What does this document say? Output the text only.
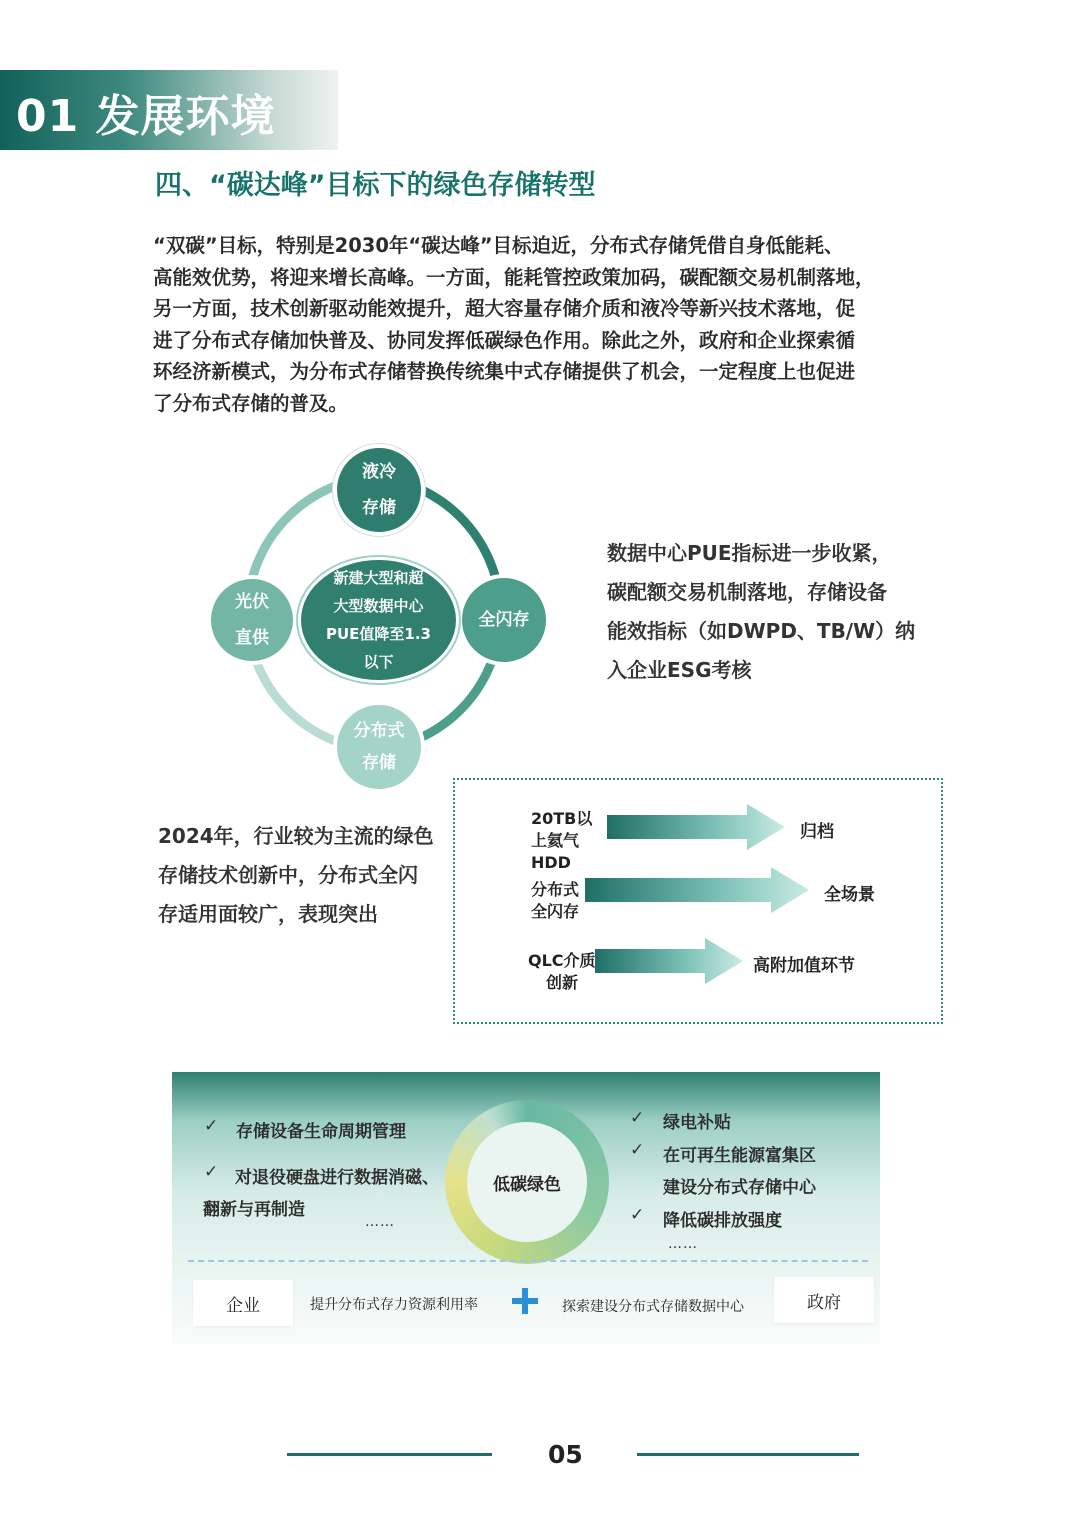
01 发展环境
四、“碳达峰”目标下的绿色存储转型

“双碳”目标，特别是2030年“碳达峰”目标迫近，分布式存储凭借自身低能耗、

高能效优势，将迎来增长高峰。一方面，能耗管控政策加码，碳配额交易机制落地，

另一方面，技术创新驱动能效提升，超大容量存储介质和液冷等新兴技术落地，促

进了分布式存储加快普及、协同发挥低碳绿色作用。除此之外，政府和企业探索循

环经济新模式，为分布式存储替换传统集中式存储提供了机会，一定程度上也促进

了分布式存储的普及。

液冷
存储
光伏
直供
全闪存
分布式
存储
新建大型和超
大型数据中心
PUE值降至1.3
以下

数据中心PUE指标进一步收紧，

碳配额交易机制落地，存储设备

能效指标（如DWPD、TB/W）纳

入企业ESG考核

2024年，行业较为主流的绿色

存储技术创新中，分布式全闪

存适用面较广，表现突出

20TB以
上氦气
HDD
归档
分布式
全闪存
全场景
QLC介质
创新
高附加值环节
✓ 存储设备生命周期管理
✓ 对退役硬盘进行数据消磁、
翻新与再制造
……
低碳绿色
✓ 绿电补贴
✓ 在可再生能源富集区
建设分布式存储中心
✓ 降低碳排放强度
……
企业	提升分布式存力资源利用率	探索建设分布式存储数据中心	政府
05
